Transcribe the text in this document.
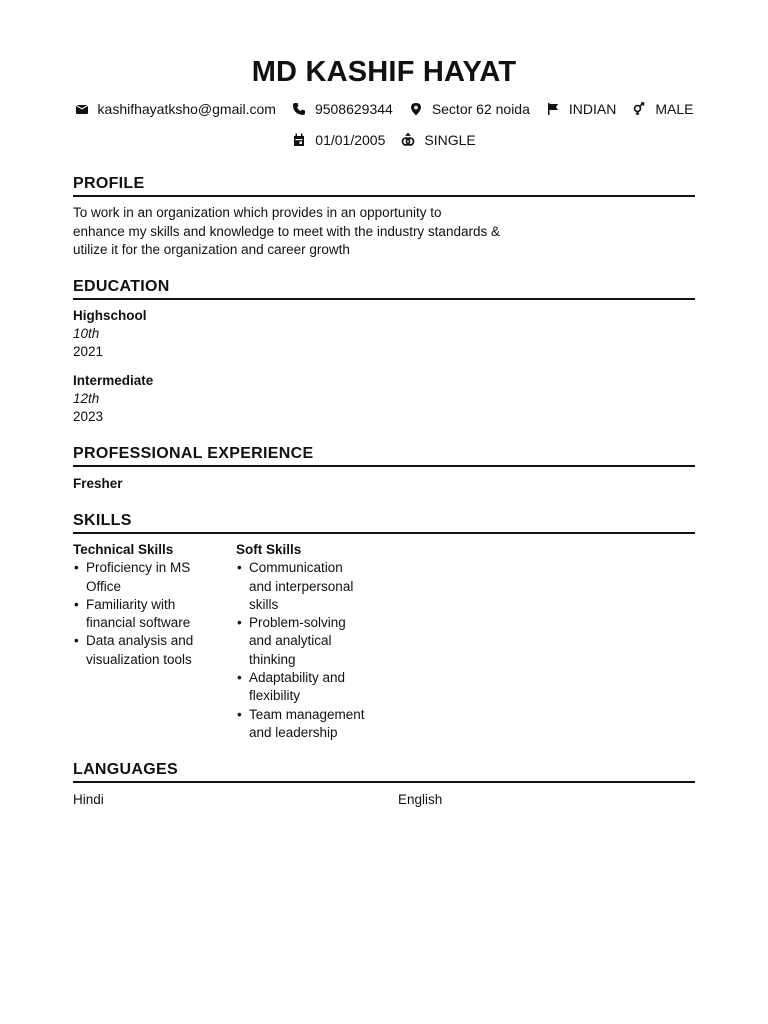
MD KASHIF HAYAT
kashifhayatksho@gmail.com	9508629344	Sector 62 noida	INDIAN	MALE
01/01/2005	SINGLE
PROFILE
To work in an organization which provides in an opportunity to
enhance my skills and knowledge to meet with the industry standards &
utilize it for the organization and career growth
EDUCATION
Highschool
10th
2021
Intermediate
12th
2023
PROFESSIONAL EXPERIENCE
Fresher
SKILLS
Technical Skills
• Proficiency in MS
Office
• Familiarity with
financial software
• Data analysis and
visualization tools
Soft Skills
• Communication
and interpersonal
skills
• Problem-solving
and analytical
thinking
• Adaptability and
flexibility
• Team management
and leadership
LANGUAGES
Hindi	English
